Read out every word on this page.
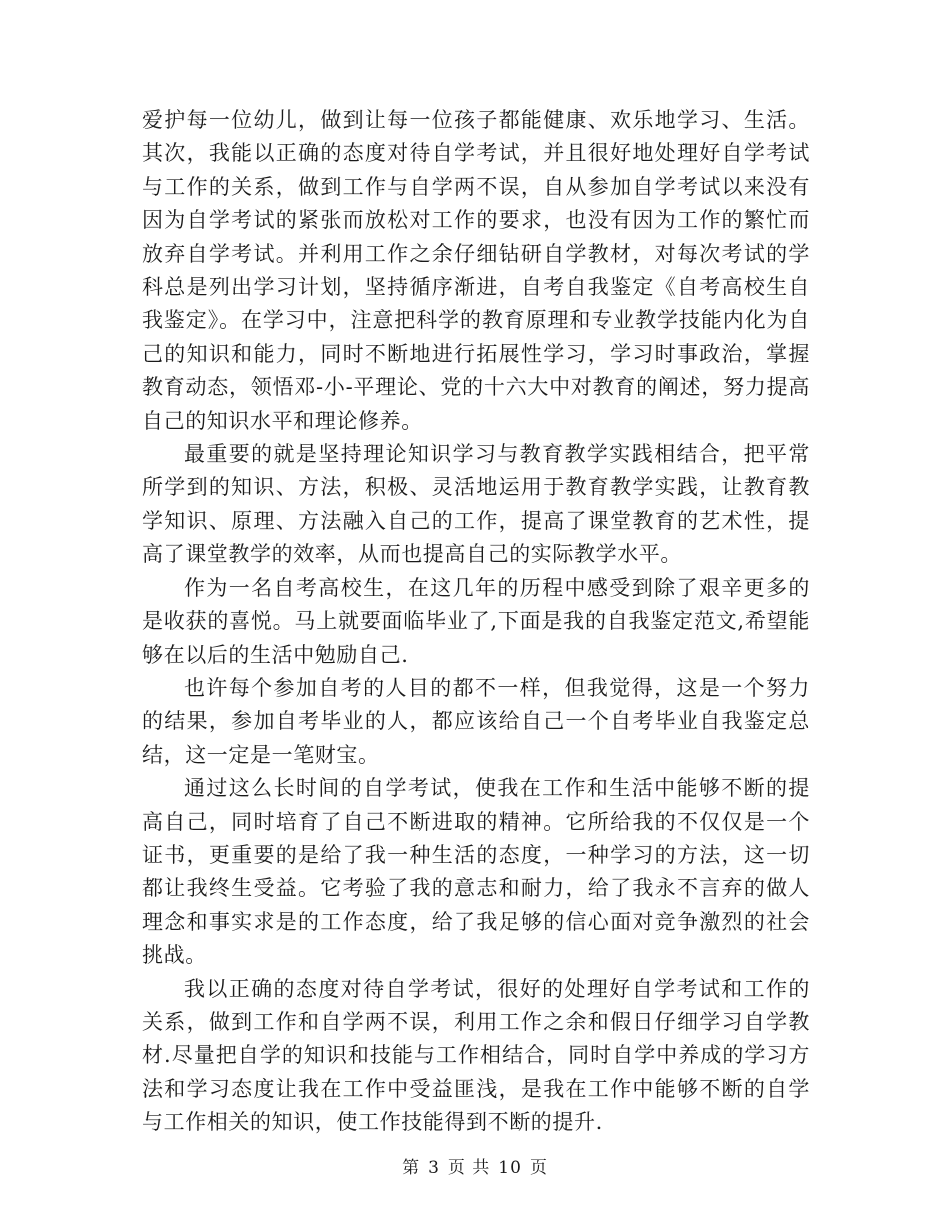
爱护每一位幼儿，做到让每一位孩子都能健康、欢乐地学习、生活。其次，我能以正确的态度对待自学考试，并且很好地处理好自学考试与工作的关系，做到工作与自学两不误，自从参加自学考试以来没有因为自学考试的紧张而放松对工作的要求，也没有因为工作的繁忙而放弃自学考试。并利用工作之余仔细钻研自学教材，对每次考试的学科总是列出学习计划，坚持循序渐进，自考自我鉴定《自考高校生自我鉴定》。在学习中，注意把科学的教育原理和专业教学技能内化为自己的知识和能力，同时不断地进行拓展性学习，学习时事政治，掌握教育动态，领悟邓-小-平理论、党的十六大中对教育的阐述，努力提高自己的知识水平和理论修养。

最重要的就是坚持理论知识学习与教育教学实践相结合，把平常所学到的知识、方法，积极、灵活地运用于教育教学实践，让教育教学知识、原理、方法融入自己的工作，提高了课堂教育的艺术性，提高了课堂教学的效率，从而也提高自己的实际教学水平。

作为一名自考高校生，在这几年的历程中感受到除了艰辛更多的是收获的喜悦。马上就要面临毕业了,下面是我的自我鉴定范文,希望能够在以后的生活中勉励自己.

也许每个参加自考的人目的都不一样，但我觉得，这是一个努力的结果，参加自考毕业的人，都应该给自己一个自考毕业自我鉴定总结，这一定是一笔财宝。

通过这么长时间的自学考试，使我在工作和生活中能够不断的提高自己，同时培育了自己不断进取的精神。它所给我的不仅仅是一个证书，更重要的是给了我一种生活的态度，一种学习的方法，这一切都让我终生受益。它考验了我的意志和耐力，给了我永不言弃的做人理念和事实求是的工作态度，给了我足够的信心面对竞争激烈的社会挑战。

我以正确的态度对待自学考试，很好的处理好自学考试和工作的关系，做到工作和自学两不误，利用工作之余和假日仔细学习自学教材.尽量把自学的知识和技能与工作相结合，同时自学中养成的学习方法和学习态度让我在工作中受益匪浅，是我在工作中能够不断的自学与工作相关的知识，使工作技能得到不断的提升.

第 3 页 共 10 页
